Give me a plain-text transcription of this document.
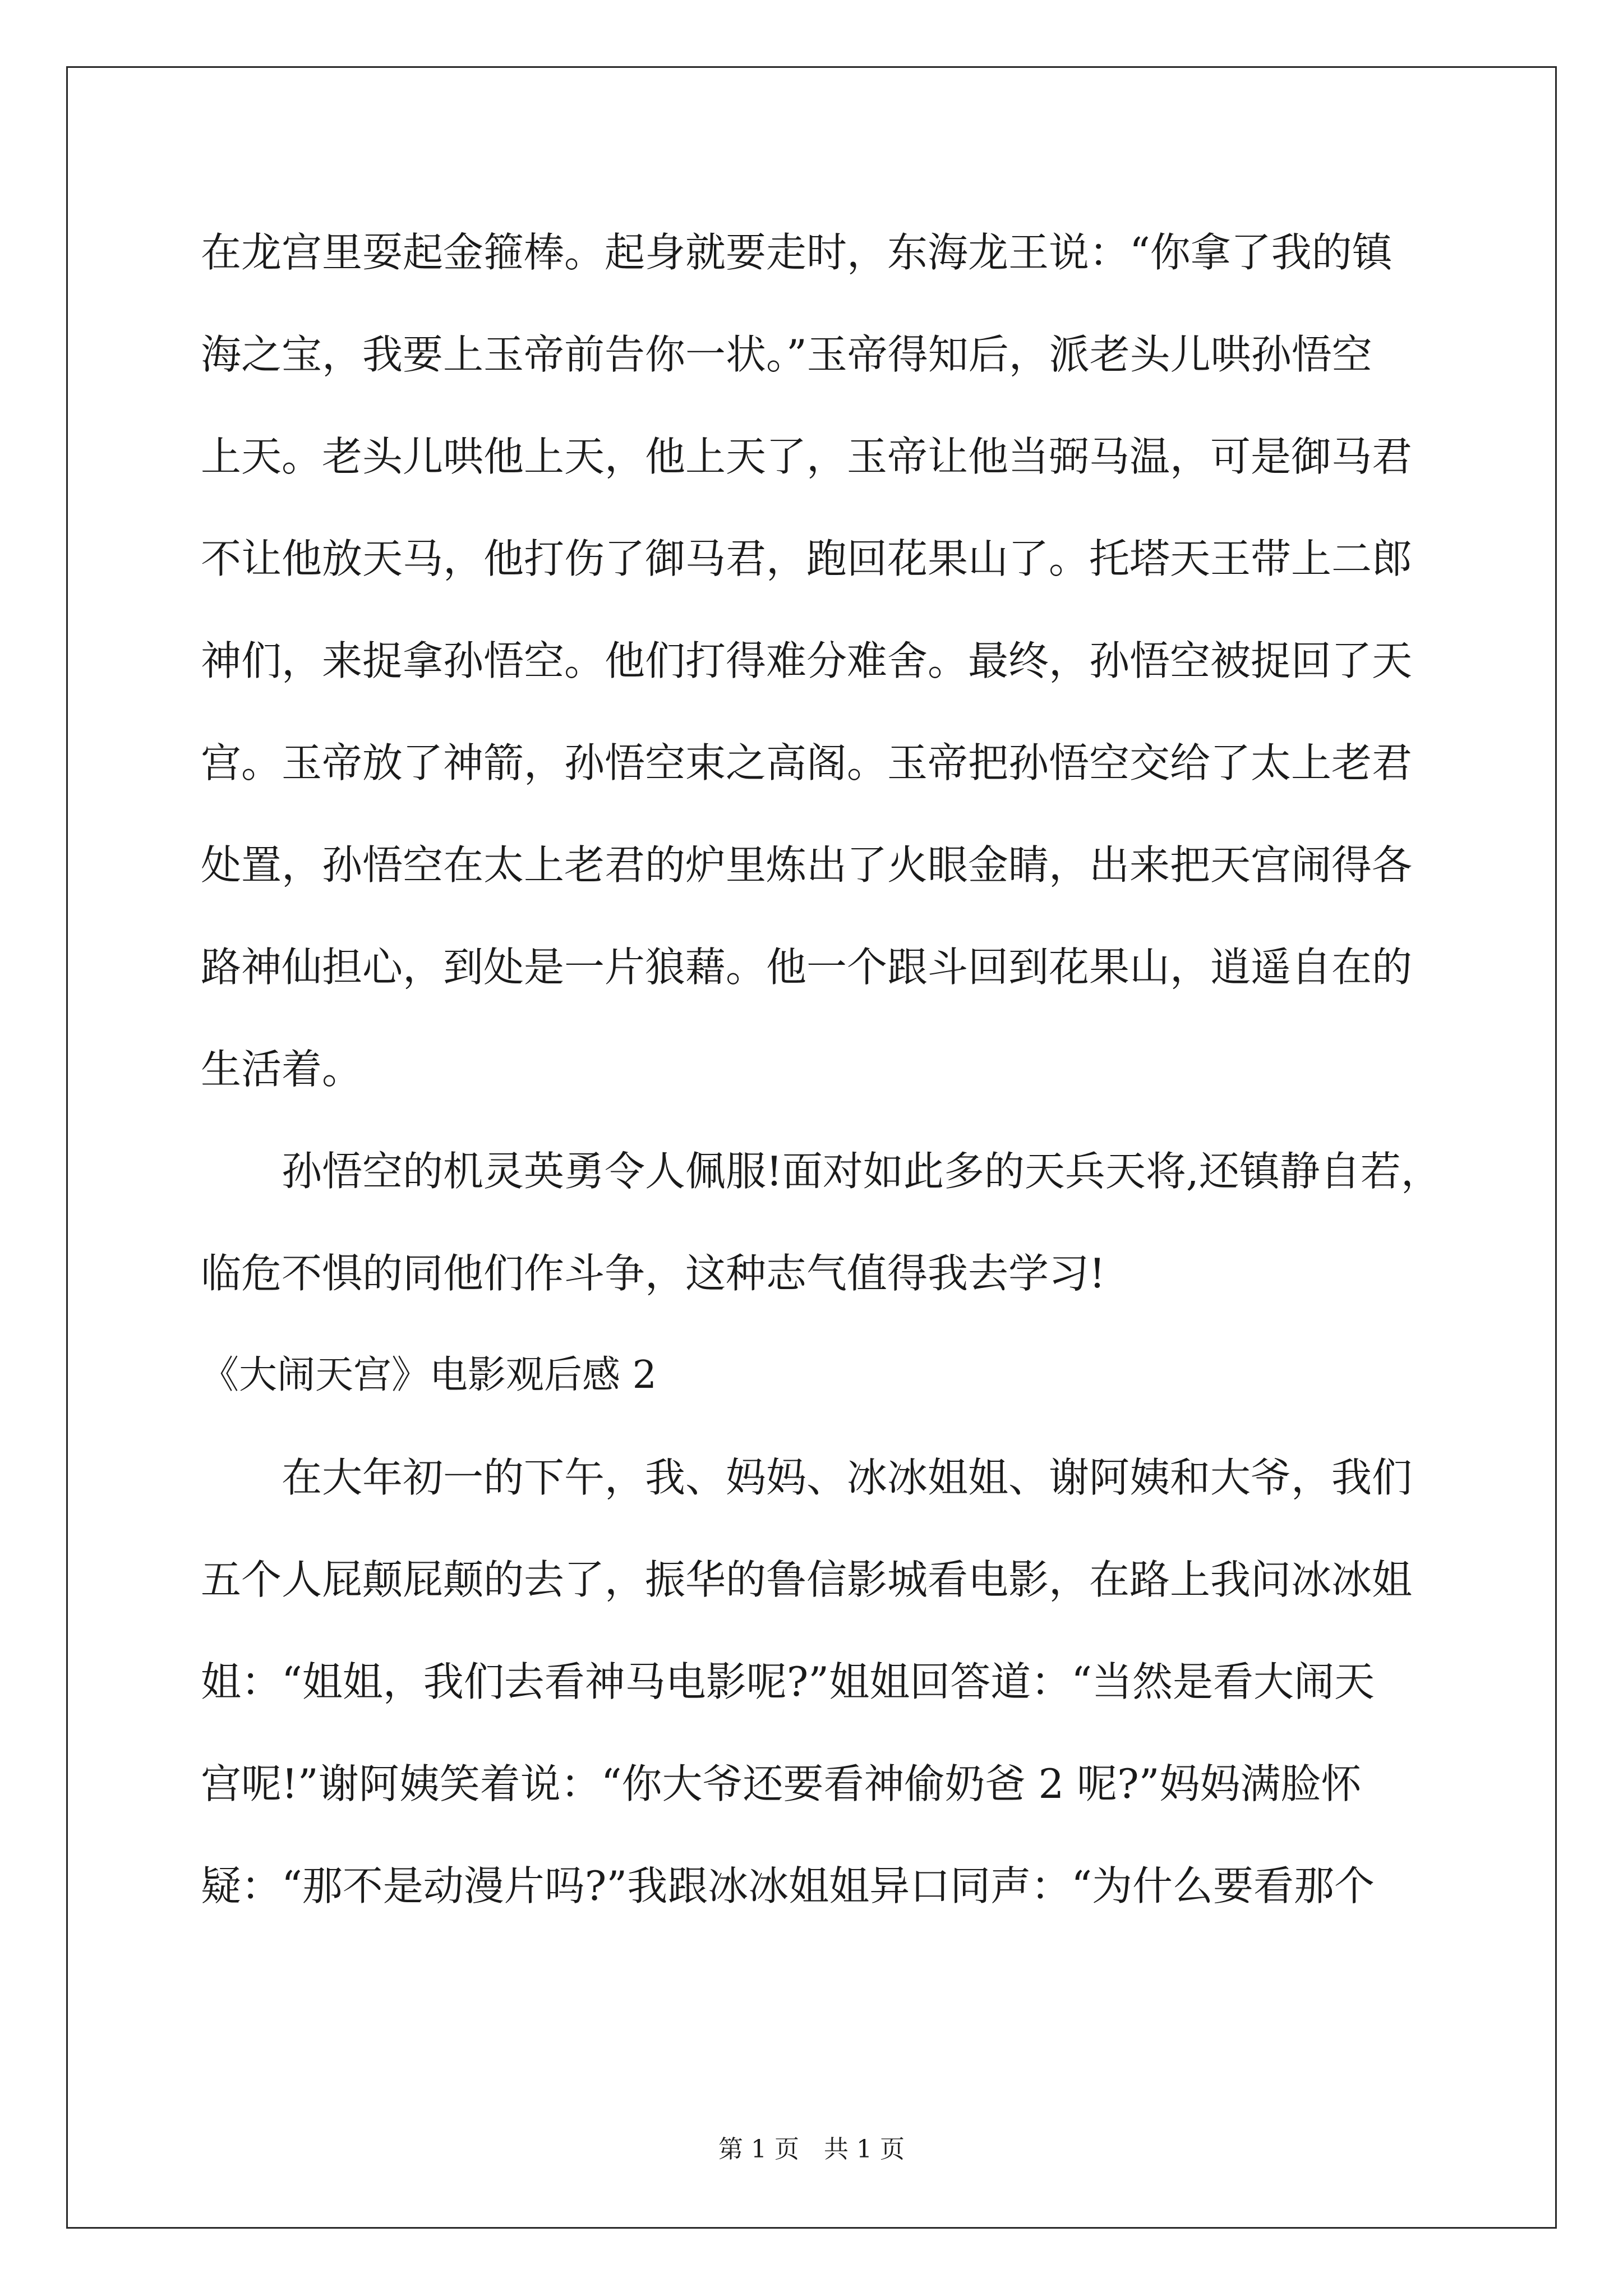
在龙宫里耍起金箍棒。起身就要走时，东海龙王说：“你拿了我的镇
海之宝，我要上玉帝前告你一状。”玉帝得知后，派老头儿哄孙悟空
上天。老头儿哄他上天，他上天了，玉帝让他当弼马温，可是御马君
不让他放天马，他打伤了御马君，跑回花果山了。托塔天王带上二郎
神们，来捉拿孙悟空。他们打得难分难舍。最终，孙悟空被捉回了天
宫。玉帝放了神箭，孙悟空束之高阁。玉帝把孙悟空交给了太上老君
处置，孙悟空在太上老君的炉里炼出了火眼金睛，出来把天宫闹得各
路神仙担心，到处是一片狼藉。他一个跟斗回到花果山，逍遥自在的
生活着。
孙悟空的机灵英勇令人佩服!面对如此多的天兵天将,还镇静自若，
临危不惧的同他们作斗争，这种志气值得我去学习!
《大闹天宫》电影观后感 2
在大年初一的下午，我、妈妈、冰冰姐姐、谢阿姨和大爷，我们
五个人屁颠屁颠的去了，振华的鲁信影城看电影，在路上我问冰冰姐
姐：“姐姐，我们去看神马电影呢?”姐姐回答道：“当然是看大闹天
宫呢!”谢阿姨笑着说：“你大爷还要看神偷奶爸 2 呢?”妈妈满脸怀
疑：“那不是动漫片吗?”我跟冰冰姐姐异口同声：“为什么要看那个
第 1 页　共 1 页
